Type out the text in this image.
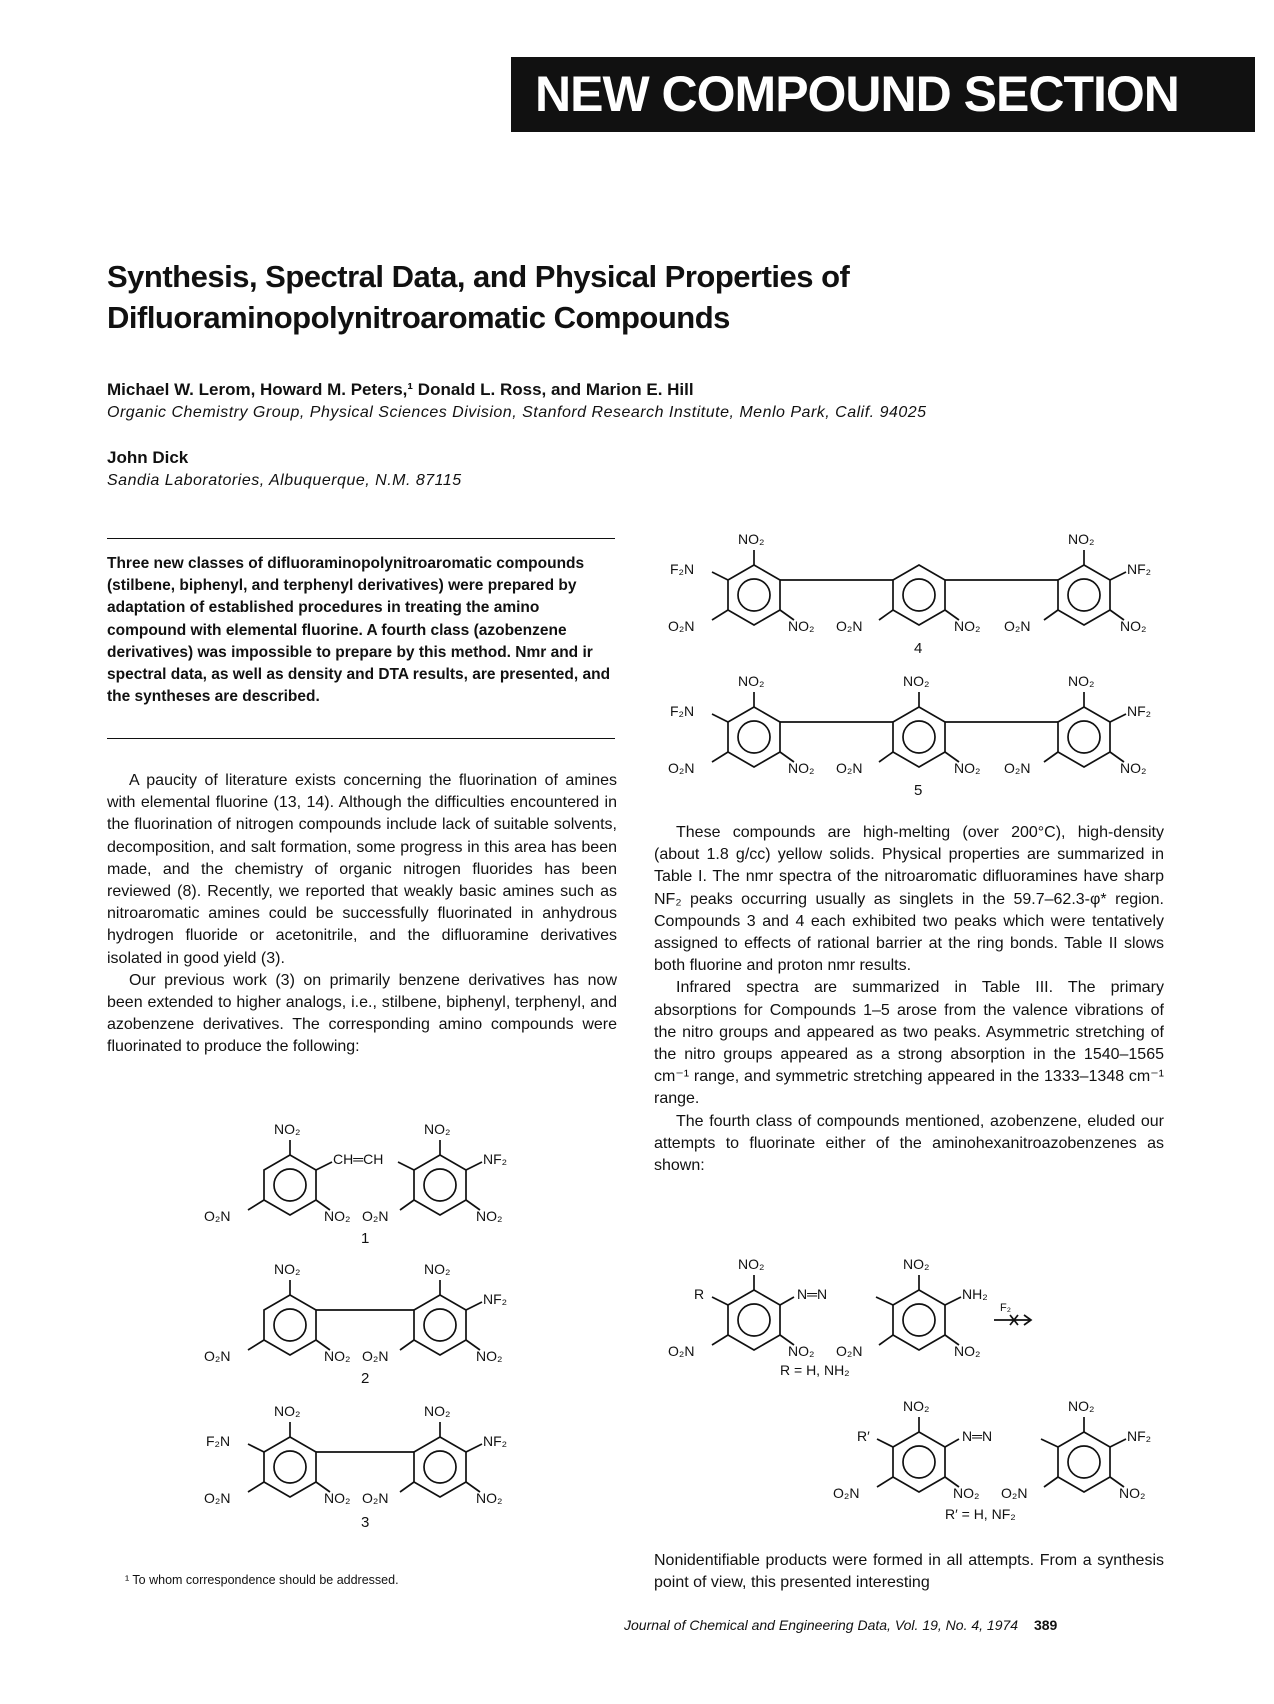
NEW COMPOUND SECTION
Synthesis, Spectral Data, and Physical Properties of
Difluoraminopolynitroaromatic Compounds
Michael W. Lerom, Howard M. Peters,¹ Donald L. Ross, and Marion E. Hill
Organic Chemistry Group, Physical Sciences Division, Stanford Research Institute, Menlo Park, Calif. 94025
John Dick
Sandia Laboratories, Albuquerque, N.M. 87115
Three new classes of difluoraminopolynitroaromatic compounds (stilbene, biphenyl, and terphenyl derivatives) were prepared by adaptation of established procedures in treating the amino compound with elemental fluorine. A fourth class (azobenzene derivatives) was impossible to prepare by this method. Nmr and ir spectral data, as well as density and DTA results, are presented, and the syntheses are described.

A paucity of literature exists concerning the fluorination of amines with elemental fluorine (13, 14). Although the difficulties encountered in the fluorination of nitrogen compounds include lack of suitable solvents, decomposition, and salt formation, some progress in this area has been made, and the chemistry of organic nitrogen fluorides has been reviewed (8). Recently, we reported that weakly basic amines such as nitroaromatic amines could be successfully fluorinated in anhydrous hydrogen fluoride or acetonitrile, and the difluoramine derivatives isolated in good yield (3).

Our previous work (3) on primarily benzene derivatives has now been extended to higher analogs, i.e., stilbene, biphenyl, terphenyl, and azobenzene derivatives. The corresponding amino compounds were fluorinated to produce the following:

These compounds are high-melting (over 200°C), high-density (about 1.8 g/cc) yellow solids. Physical properties are summarized in Table I. The nmr spectra of the nitroaromatic difluoramines have sharp NF₂ peaks occurring usually as singlets in the 59.7–62.3-φ* region. Compounds 3 and 4 each exhibited two peaks which were tentatively assigned to effects of rational barrier at the ring bonds. Table II slows both fluorine and proton nmr results.

Infrared spectra are summarized in Table III. The primary absorptions for Compounds 1–5 arose from the valence vibrations of the nitro groups and appeared as two peaks. Asymmetric stretching of the nitro groups appeared as a strong absorption in the 1540–1565 cm⁻¹ range, and symmetric stretching appeared in the 1333–1348 cm⁻¹ range.

The fourth class of compounds mentioned, azobenzene, eluded our attempts to fluorinate either of the aminohexanitroazobenzenes as shown:

Nonidentifiable products were formed in all attempts. From a synthesis point of view, this presented interesting

NO₂	NO₂
CH═CH	NF₂
O₂N	NO₂ O₂N	NO₂
1
NO₂	NO₂
NF₂
O₂N	NO₂ O₂N	NO₂
2
NO₂	NO₂
F₂N	NF₂
O₂N	NO₂ O₂N	NO₂
3
NO₂	NO₂
F₂N	NF₂
O₂N	NO₂ O₂N	NO₂ O₂N	NO₂
4
NO₂	NO₂	NO₂
F₂N	NF₂
O₂N	NO₂ O₂N	NO₂ O₂N	NO₂
5
NO₂	NO₂
R	N═N	NH₂
O₂N	NO₂ O₂N	NO₂
R = H, NH₂
F₂
NO₂	NO₂
R′	N═N	NF₂
O₂N	NO₂ O₂N	NO₂
R′ = H, NF₂
¹ To whom correspondence should be addressed.
Journal of Chemical and Engineering Data, Vol. 19, No. 4, 1974 389
